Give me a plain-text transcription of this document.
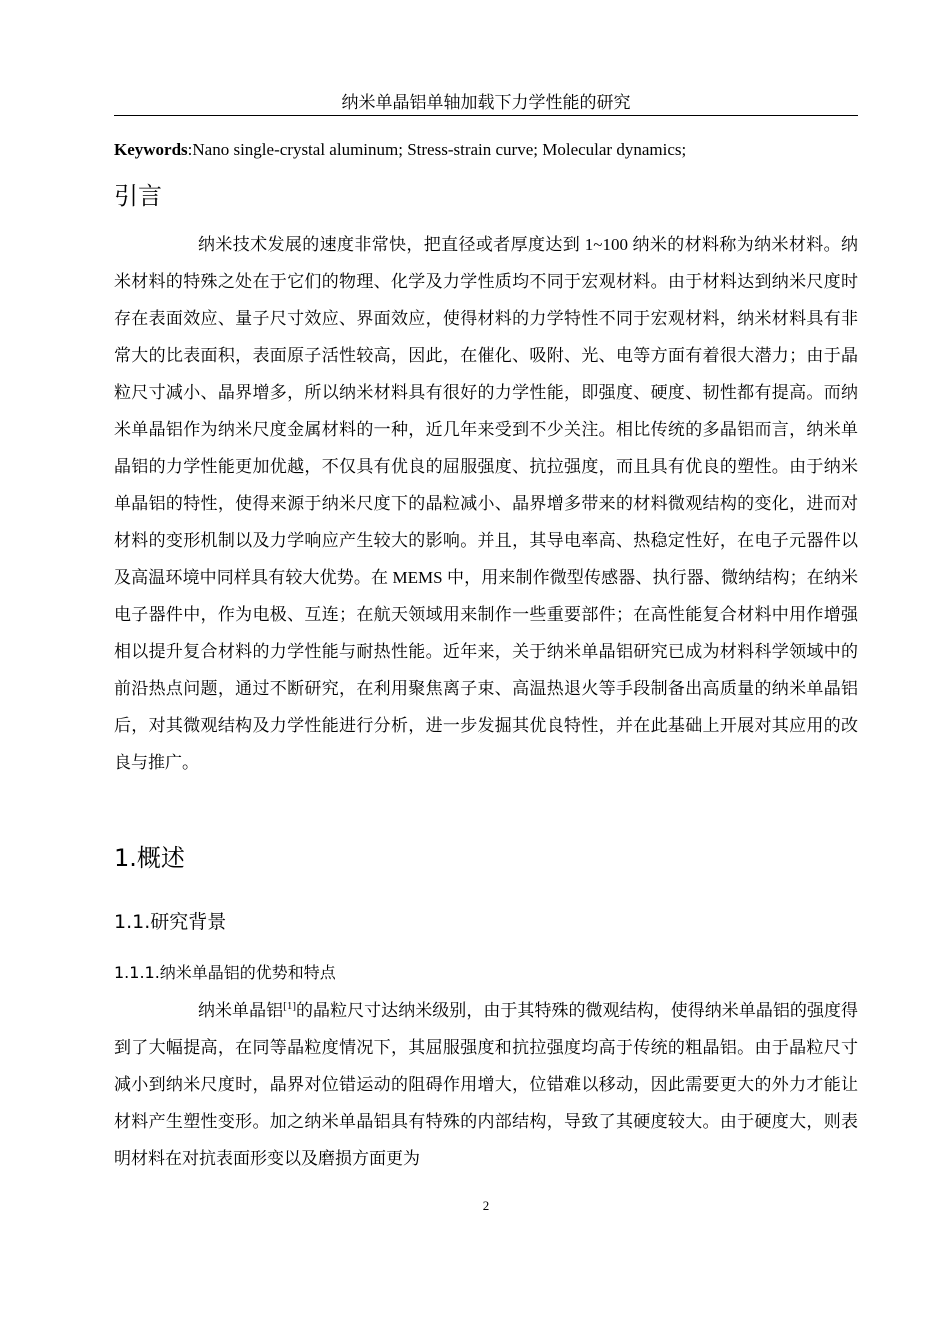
纳米单晶铝单轴加载下力学性能的研究
Keywords:Nano single-crystal aluminum; Stress-strain curve; Molecular dynamics;
引言

纳米技术发展的速度非常快，把直径或者厚度达到 1~100 纳米的材料称为纳米材料。纳米材料的特殊之处在于它们的物理、化学及力学性质均不同于宏观材料。由于材料达到纳米尺度时存在表面效应、量子尺寸效应、界面效应，使得材料的力学特性不同于宏观材料，纳米材料具有非常大的比表面积，表面原子活性较高，因此，在催化、吸附、光、电等方面有着很大潜力；由于晶粒尺寸减小、晶界增多，所以纳米材料具有很好的力学性能，即强度、硬度、韧性都有提高。而纳米单晶铝作为纳米尺度金属材料的一种，近几年来受到不少关注。相比传统的多晶铝而言，纳米单晶铝的力学性能更加优越，不仅具有优良的屈服强度、抗拉强度，而且具有优良的塑性。由于纳米单晶铝的特性，使得来源于纳米尺度下的晶粒减小、晶界增多带来的材料微观结构的变化，进而对材料的变形机制以及力学响应产生较大的影响。并且，其导电率高、热稳定性好，在电子元器件以及高温环境中同样具有较大优势。在 MEMS 中，用来制作微型传感器、执行器、微纳结构；在纳米电子器件中，作为电极、互连；在航天领域用来制作一些重要部件；在高性能复合材料中用作增强相以提升复合材料的力学性能与耐热性能。近年来，关于纳米单晶铝研究已成为材料科学领域中的前沿热点问题，通过不断研究，在利用聚焦离子束、高温热退火等手段制备出高质量的纳米单晶铝后，对其微观结构及力学性能进行分析，进一步发掘其优良特性，并在此基础上开展对其应用的改良与推广。

1.概述
1.1.研究背景
1.1.1.纳米单晶铝的优势和特点

纳米单晶铝[1]的晶粒尺寸达纳米级别，由于其特殊的微观结构，使得纳米单晶铝的强度得到了大幅提高，在同等晶粒度情况下，其屈服强度和抗拉强度均高于传统的粗晶铝。由于晶粒尺寸减小到纳米尺度时，晶界对位错运动的阻碍作用增大，位错难以移动，因此需要更大的外力才能让材料产生塑性变形。加之纳米单晶铝具有特殊的内部结构，导致了其硬度较大。由于硬度大，则表明材料在对抗表面形变以及磨损方面更为

2
